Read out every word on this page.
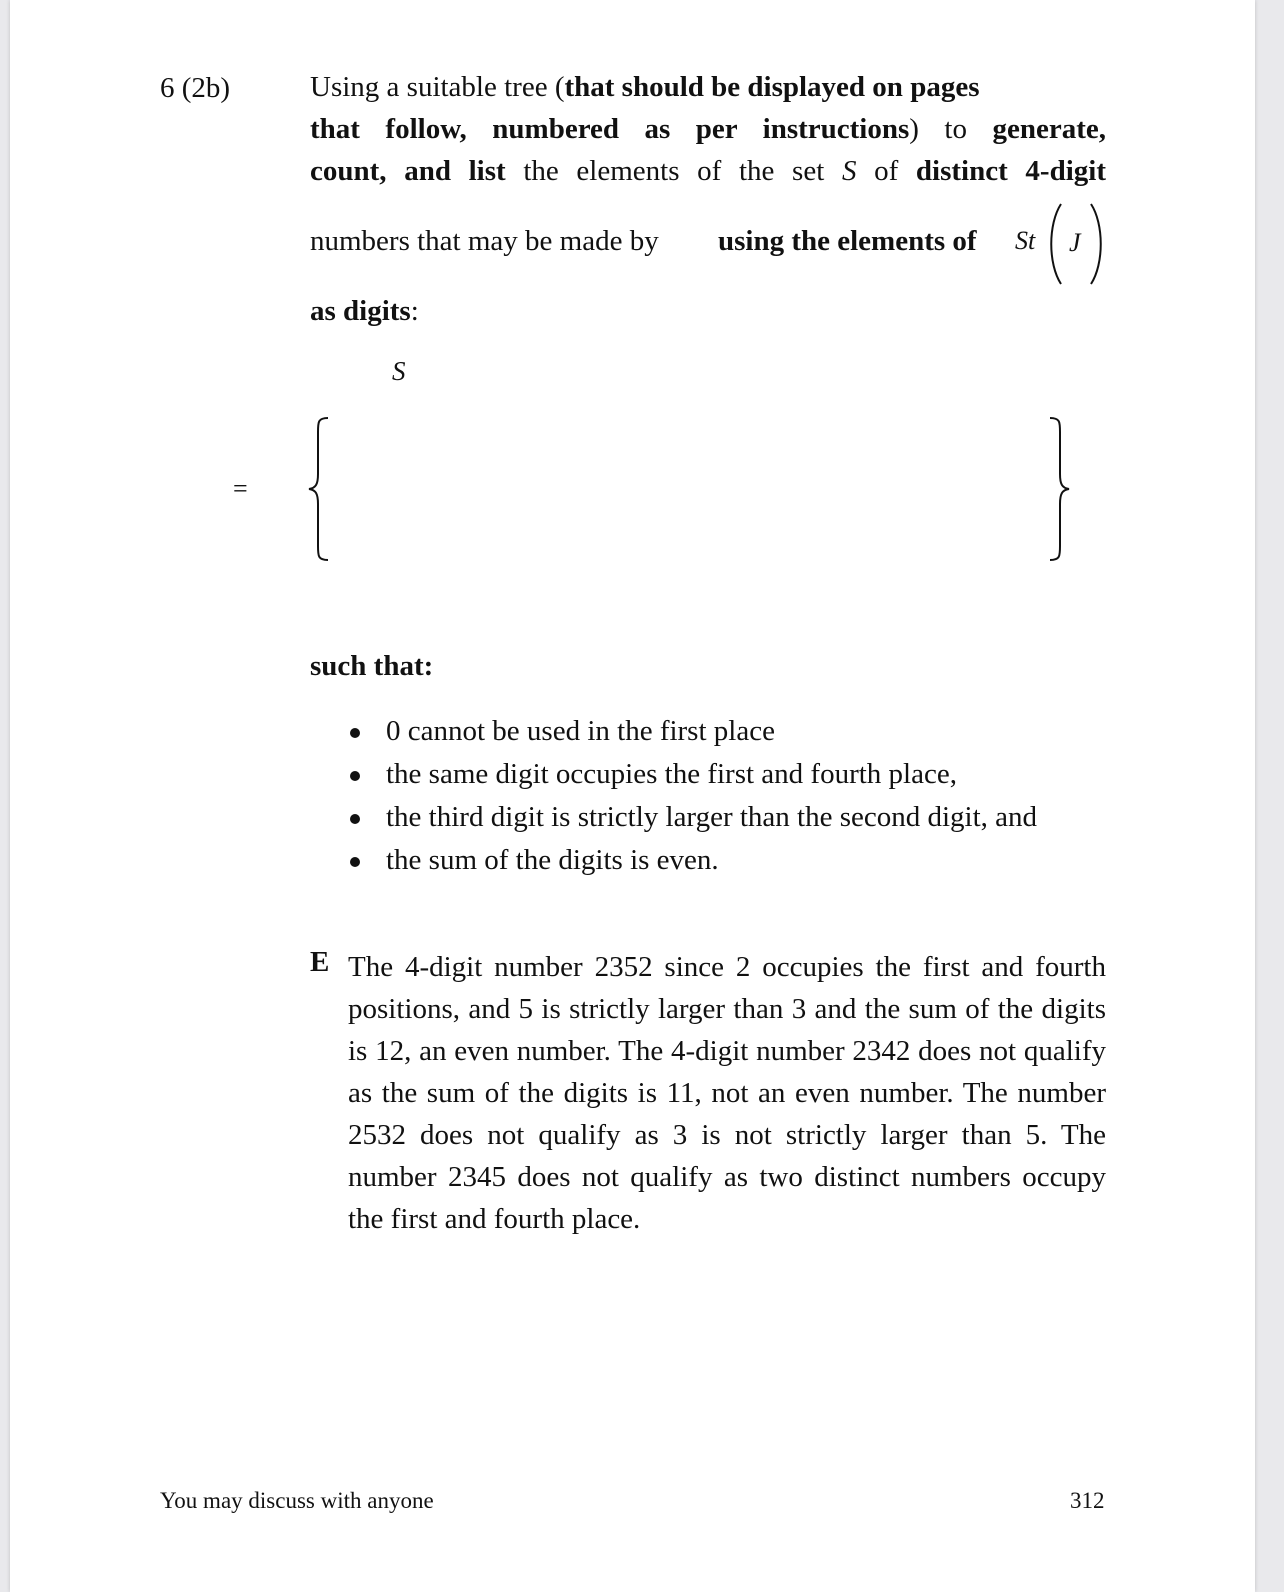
6 (2b)	Using a suitable tree (that should be displayed on pages
that follow, numbered as per instructions) to generate,
count, and list the elements of the set S of distinct 4-digit
numbers that may be made by using the elements of St J
as digits:
S
=
such that:
0 cannot be used in the first place
the same digit occupies the first and fourth place,
the third digit is strictly larger than the second digit, and
the sum of the digits is even.
E The 4-digit number 2352 since 2 occupies the first and fourth positions, and 5 is strictly larger than 3 and the sum of the digits is 12, an even number. The 4-digit number 2342 does not qualify as the sum of the digits is 11, not an even number. The number 2532 does not qualify as 3 is not strictly larger than 5. The number 2345 does not qualify as two distinct numbers occupy the first and fourth place.
You may discuss with anyone	312
